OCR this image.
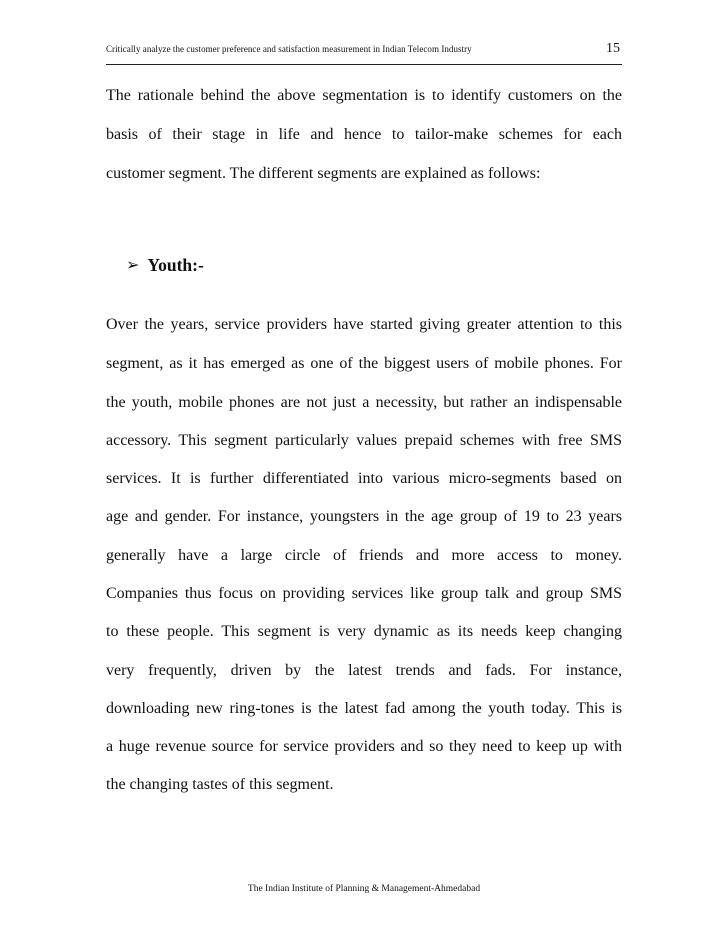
Critically analyze the customer preference and satisfaction measurement in Indian Telecom Industry	15
The rationale behind the above segmentation is to identify customers on the
basis of their stage in life and hence to tailor-make schemes for each
customer segment. The different segments are explained as follows:
➢ Youth:-
Over the years, service providers have started giving greater attention to this
segment, as it has emerged as one of the biggest users of mobile phones. For
the youth, mobile phones are not just a necessity, but rather an indispensable
accessory. This segment particularly values prepaid schemes with free SMS
services. It is further differentiated into various micro-segments based on
age and gender. For instance, youngsters in the age group of 19 to 23 years
generally have a large circle of friends and more access to money.
Companies thus focus on providing services like group talk and group SMS
to these people. This segment is very dynamic as its needs keep changing
very frequently, driven by the latest trends and fads. For instance,
downloading new ring-tones is the latest fad among the youth today. This is
a huge revenue source for service providers and so they need to keep up with
the changing tastes of this segment.
The Indian Institute of Planning & Management-Ahmedabad
